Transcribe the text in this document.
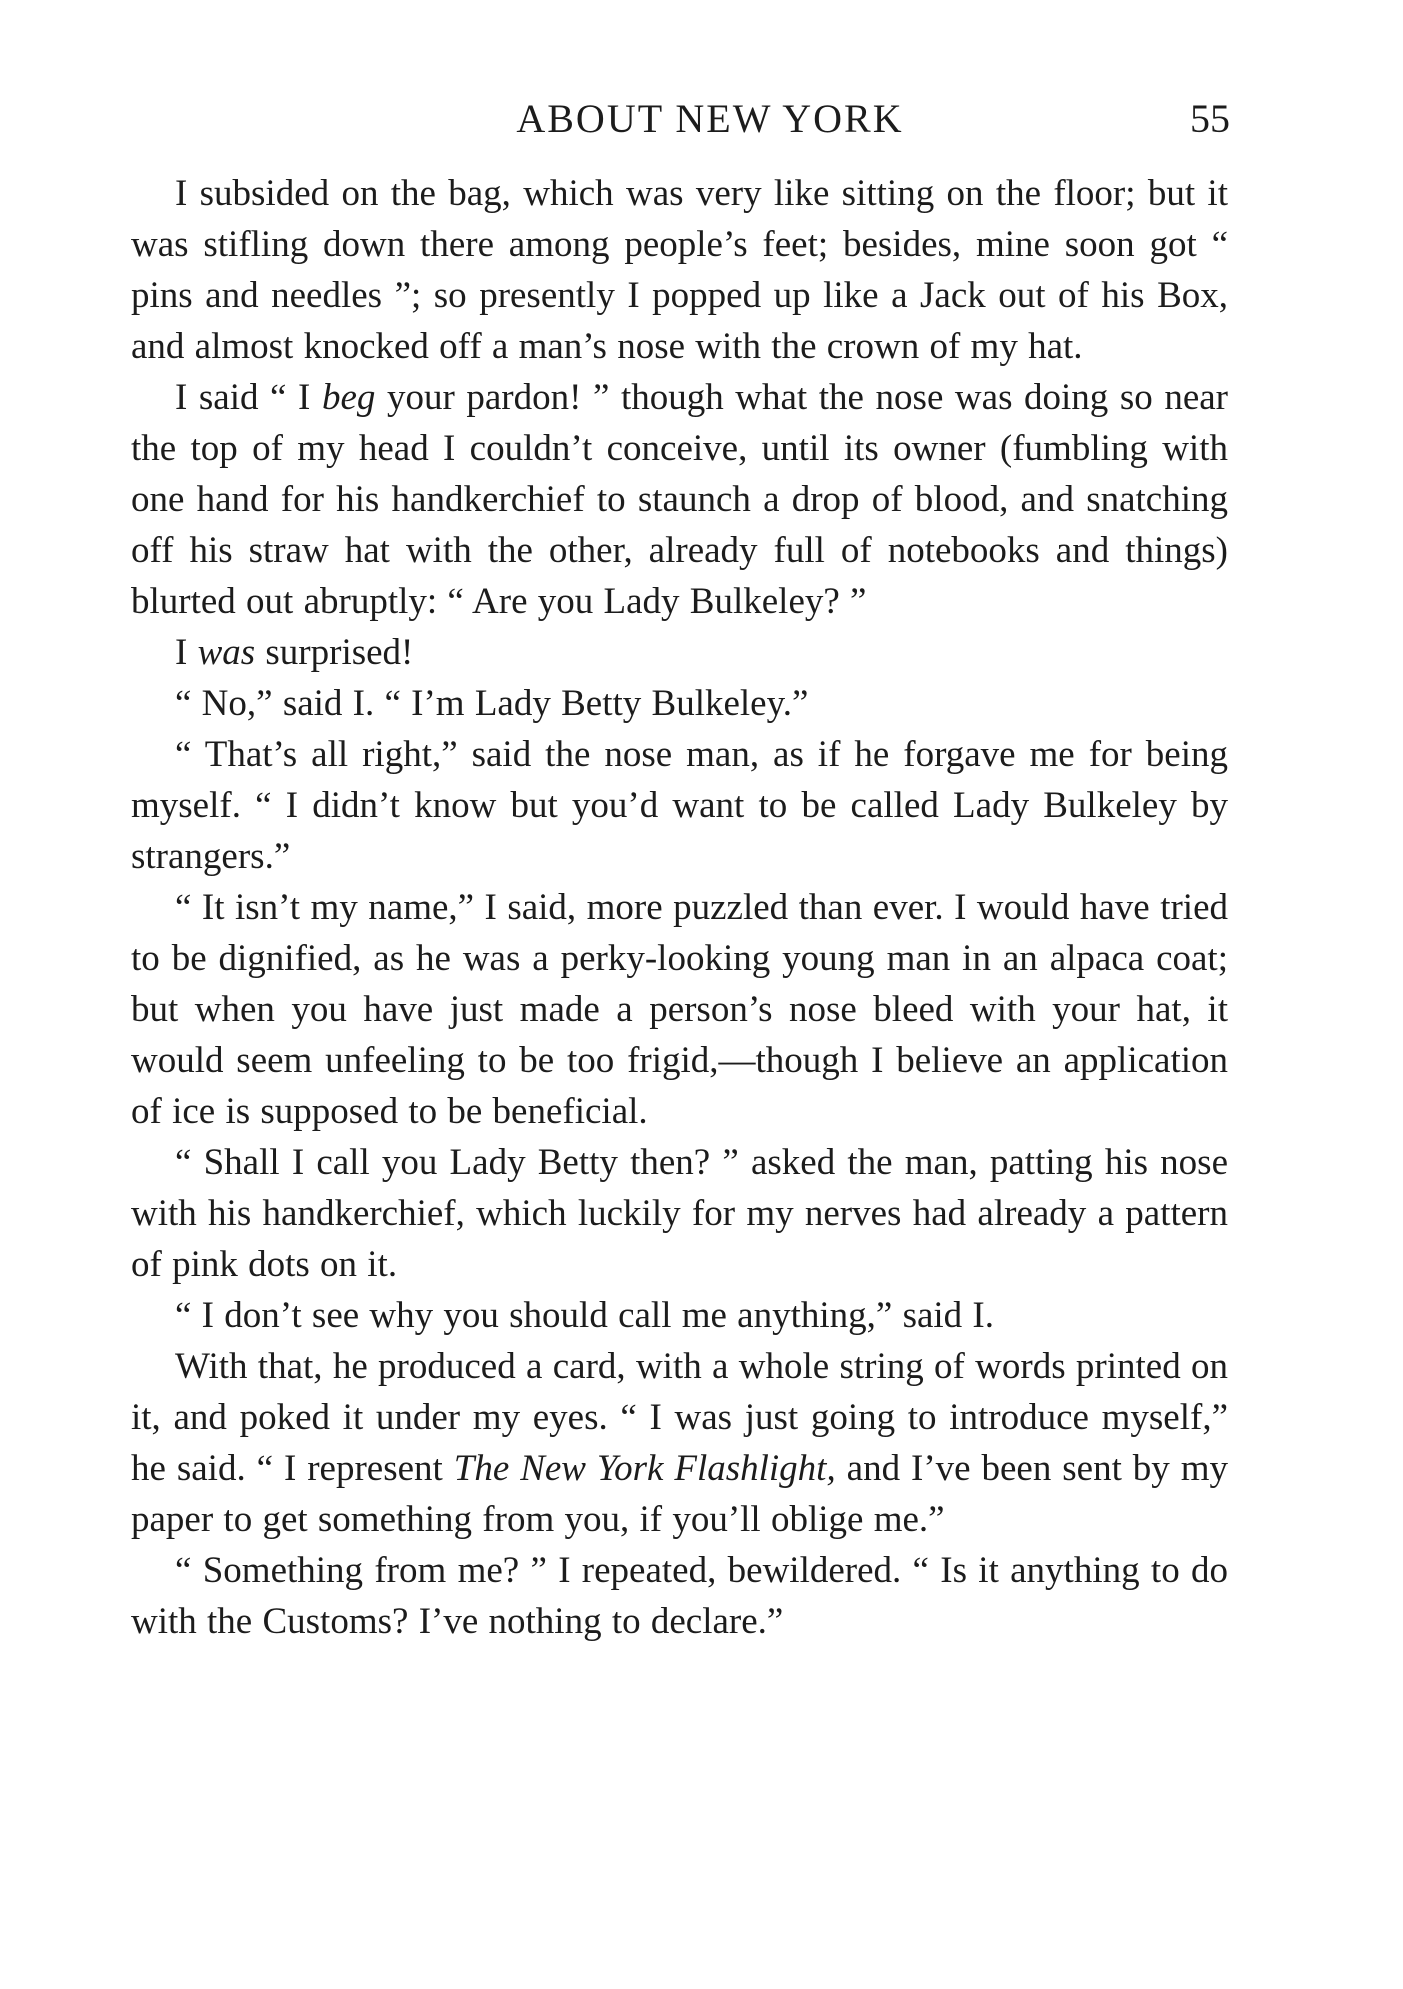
ABOUT NEW YORK	55

I subsided on the bag, which was very like sitting on the floor; but it was stifling down there among people’s feet; besides, mine soon got “ pins and needles ”; so presently I popped up like a Jack out of his Box, and almost knocked off a man’s nose with the crown of my hat.

I said “ I beg your pardon! ” though what the nose was doing so near the top of my head I couldn’t conceive, until its owner (fumbling with one hand for his handkerchief to staunch a drop of blood, and snatching off his straw hat with the other, already full of notebooks and things) blurted out abruptly: “ Are you Lady Bulkeley? ”

I was surprised!

“ No,” said I. “ I’m Lady Betty Bulkeley.”

“ That’s all right,” said the nose man, as if he forgave me for being myself. “ I didn’t know but you’d want to be called Lady Bulkeley by strangers.”

“ It isn’t my name,” I said, more puzzled than ever. I would have tried to be dignified, as he was a perky-looking young man in an alpaca coat; but when you have just made a person’s nose bleed with your hat, it would seem unfeeling to be too frigid,—though I believe an application of ice is supposed to be beneficial.

“ Shall I call you Lady Betty then? ” asked the man, patting his nose with his handkerchief, which luckily for my nerves had already a pattern of pink dots on it.

“ I don’t see why you should call me anything,” said I.

With that, he produced a card, with a whole string of words printed on it, and poked it under my eyes. “ I was just going to introduce myself,” he said. “ I represent The New York Flashlight, and I’ve been sent by my paper to get something from you, if you’ll oblige me.”

“ Something from me? ” I repeated, bewildered. “ Is it anything to do with the Customs? I’ve nothing to declare.”
